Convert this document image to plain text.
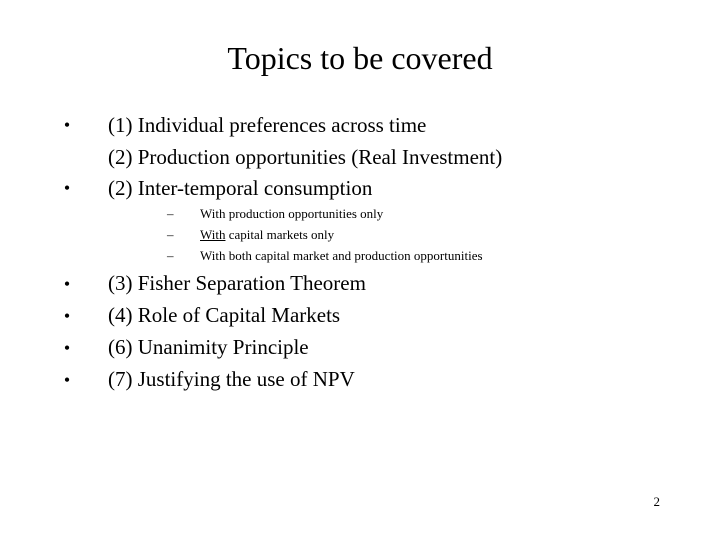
Topics to be covered
• (1) Individual preferences across time
(2) Production opportunities (Real Investment)
• (2) Inter-temporal consumption
– With production opportunities only
– With capital markets only
– With both capital market and production opportunities
• (3) Fisher Separation Theorem
• (4) Role of Capital Markets
• (6) Unanimity Principle
• (7) Justifying the use of NPV
2
